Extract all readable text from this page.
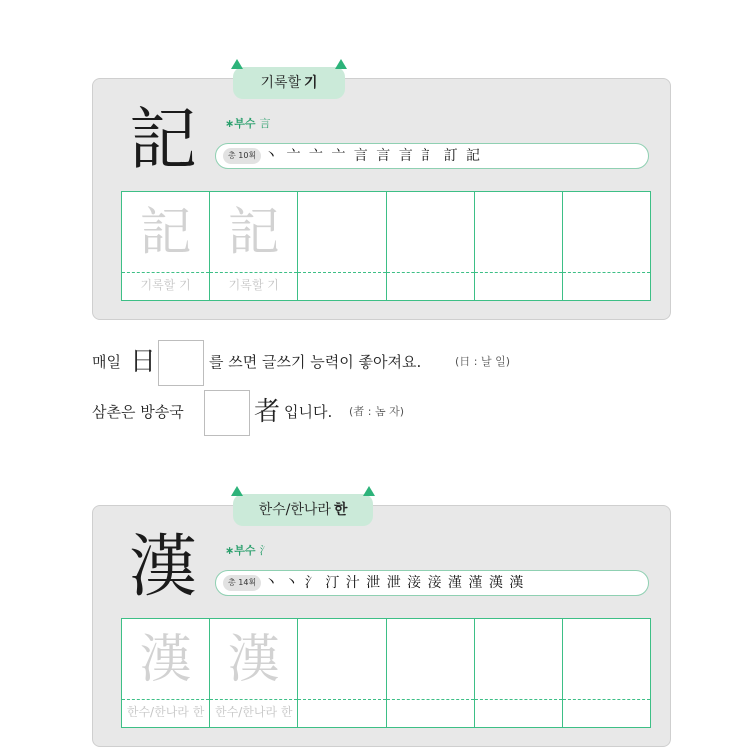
기록할 기
記	∗부수 言
총 10획 丶 亠 亠 亠 言 言 言 訁 訂 記
記
기록할 기
記
기록할 기
매일 日	를 쓰면 글쓰기 능력이 좋아져요.	(日 : 날 일)
삼촌은 방송국	者 입니다. (者 : 놈 자)
한수/한나라 한
漢	∗부수 氵
총 14획 丶 丶 氵 汀 汁 泄 泄 淁 淁 漌 漌 漢 漢
漢
한수/한나라 한
漢
한수/한나라 한
